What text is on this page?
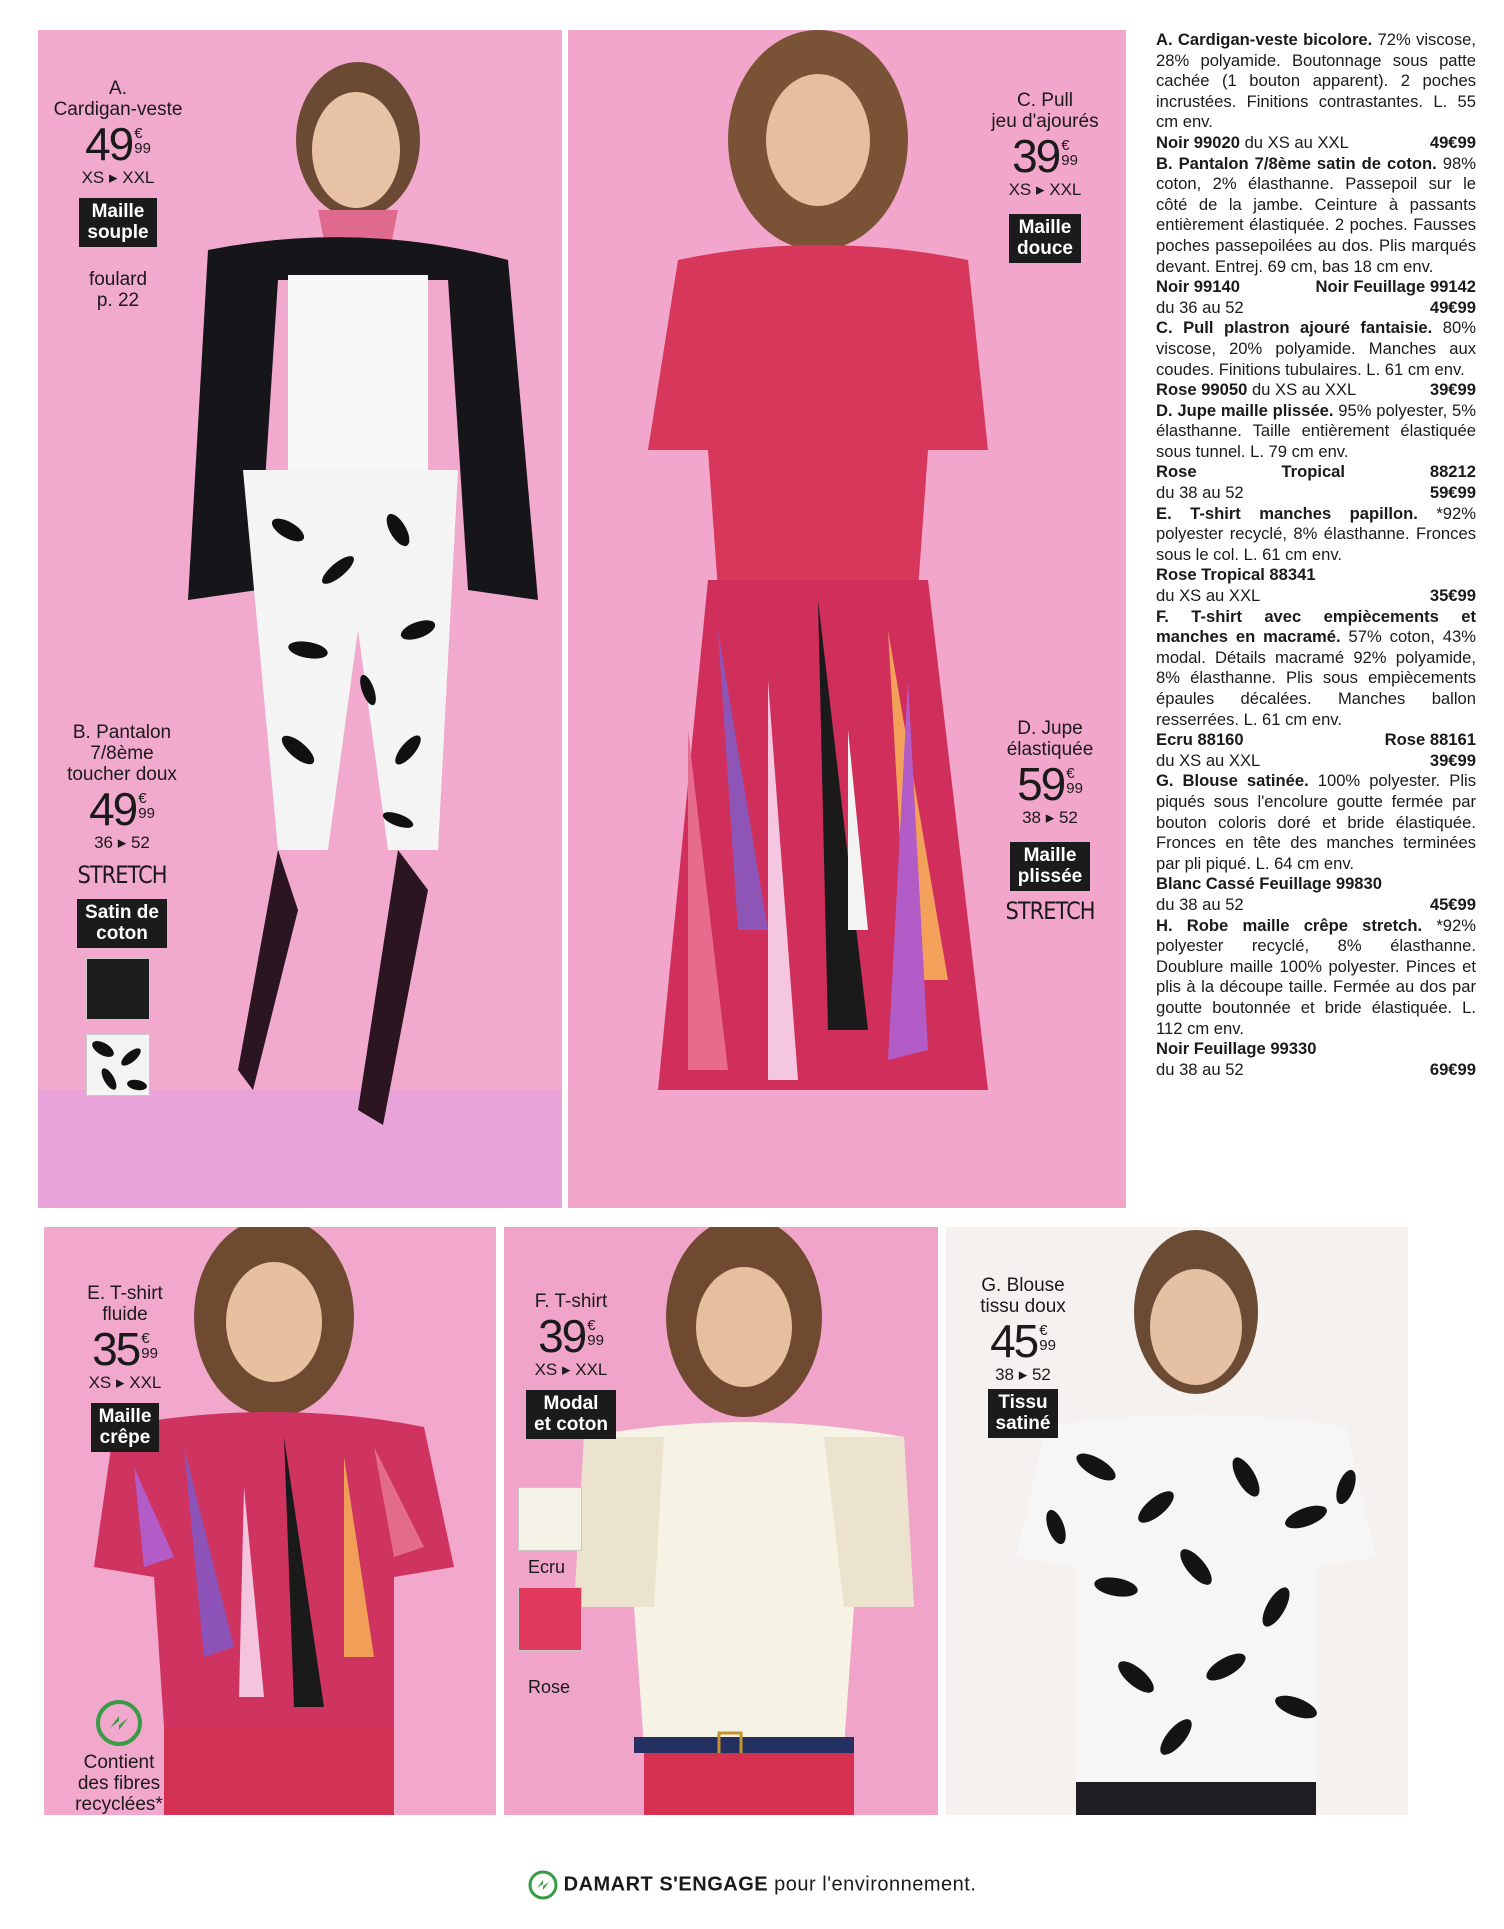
A.
Cardigan-veste
49 €
99
XS ▸ XXL
Maille
souple
foulard
p. 22
B. Pantalon
7/8ème
toucher doux
49 €
99
36 ▸ 52
STRETCH
Satin de
coton
C. Pull
jeu d'ajourés
39 €
99
XS ▸ XXL
Maille
douce
D. Jupe
élastiquée
59 €
99
38 ▸ 52
Maille
plissée
STRETCH

A. Cardigan-veste bicolore. 72% viscose, 28% polyamide. Boutonnage sous patte cachée (1 bouton apparent). 2 poches incrustées. Finitions contrastantes. L. 55 cm env.

Noir 99020 du XS au XXL	49€99

B. Pantalon 7/8ème satin de coton. 98% coton, 2% élasthanne. Passepoil sur le côté de la jambe. Ceinture à passants entièrement élastiquée. 2 poches. Fausses poches passepoilées au dos. Plis marqués devant. Entrej. 69 cm, bas 18 cm env.

Noir 99140	Noir Feuillage 99142
du 36 au 52	49€99

C. Pull plastron ajouré fantaisie. 80% viscose, 20% polyamide. Manches aux coudes. Finitions tubulaires. L. 61 cm env.

Rose 99050 du XS au XXL	39€99

D. Jupe maille plissée. 95% polyester, 5% élasthanne. Taille entièrement élastiquée sous tunnel. L. 79 cm env.

Rose	Tropical	88212
du 38 au 52	59€99

E. T-shirt manches papillon. *92% polyester recyclé, 8% élasthanne. Fronces sous le col. L. 61 cm env.

Rose Tropical 88341
du XS au XXL	35€99

F. T-shirt avec empiècements et manches en macramé. 57% coton, 43% modal. Détails macramé 92% polyamide, 8% élasthanne. Plis sous empiècements épaules décalées. Manches ballon resserrées. L. 61 cm env.

Ecru 88160	Rose 88161
du XS au XXL	39€99

G. Blouse satinée. 100% polyester. Plis piqués sous l'encolure goutte fermée par bouton coloris doré et bride élastiquée. Fronces en tête des manches terminées par pli piqué. L. 64 cm env.

Blanc Cassé Feuillage 99830
du 38 au 52	45€99

H. Robe maille crêpe stretch. *92% polyester recyclé, 8% élasthanne. Doublure maille 100% polyester. Pinces et plis à la découpe taille. Fermée au dos par goutte boutonnée et bride élastiquée. L. 112 cm env.

Noir Feuillage 99330
du 38 au 52	69€99
E. T-shirt
fluide
35 €
99
XS ▸ XXL
Maille
crêpe
Contient
des fibres
recyclées*
F. T-shirt
39 €
99
XS ▸ XXL
Modal
et coton
Ecru
Rose
G. Blouse
tissu doux
45 €
99
38 ▸ 52
Tissu
satiné
DAMART S'ENGAGE pour l'environnement.
